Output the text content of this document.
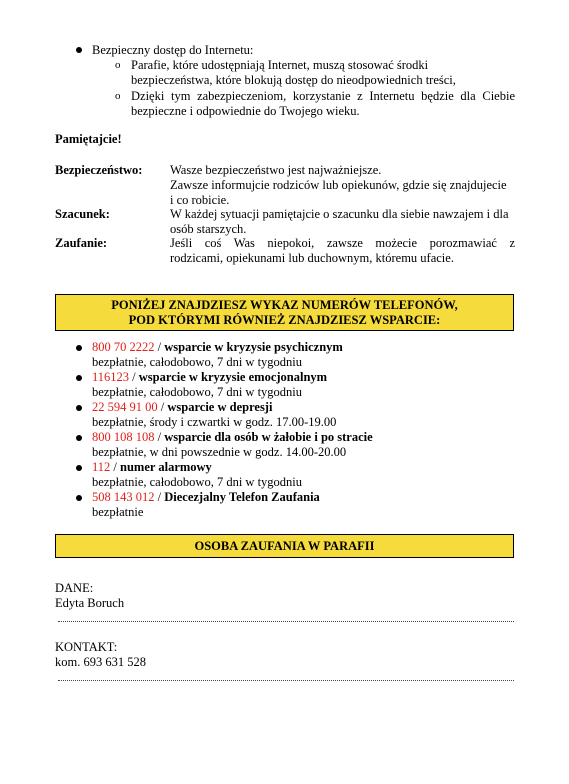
Bezpieczny dostęp do Internetu:
o Parafie, które udostępniają Internet, muszą stosować środki
bezpieczeństwa, które blokują dostęp do nieodpowiednich treści,
o Dzięki tym zabezpieczeniom, korzystanie z Internetu będzie dla Ciebie
bezpieczne i odpowiednie do Twojego wieku.
Pamiętajcie!
Bezpieczeństwo: Wasze bezpieczeństwo jest najważniejsze.
Zawsze informujcie rodziców lub opiekunów, gdzie się znajdujecie
i co robicie.
Szacunek:	W każdej sytuacji pamiętajcie o szacunku dla siebie nawzajem i dla
osób starszych.
Zaufanie:	Jeśli coś Was niepokoi, zawsze możecie porozmawiać z
rodzicami, opiekunami lub duchownym, któremu ufacie.
PONIŻEJ ZNAJDZIESZ WYKAZ NUMERÓW TELEFONÓW,
POD KTÓRYMI RÓWNIEŻ ZNAJDZIESZ WSPARCIE:
800 70 2222 / wsparcie w kryzysie psychicznym
bezpłatnie, całodobowo, 7 dni w tygodniu
116123 / wsparcie w kryzysie emocjonalnym
bezpłatnie, całodobowo, 7 dni w tygodniu
22 594 91 00 / wsparcie w depresji
bezpłatnie, środy i czwartki w godz. 17.00-19.00
800 108 108 / wsparcie dla osób w żałobie i po stracie
bezpłatnie, w dni powszednie w godz. 14.00-20.00
112 / numer alarmowy
bezpłatnie, całodobowo, 7 dni w tygodniu
508 143 012 / Diecezjalny Telefon Zaufania
bezpłatnie
OSOBA ZAUFANIA W PARAFII
DANE:
Edyta Boruch
KONTAKT:
kom. 693 631 528
